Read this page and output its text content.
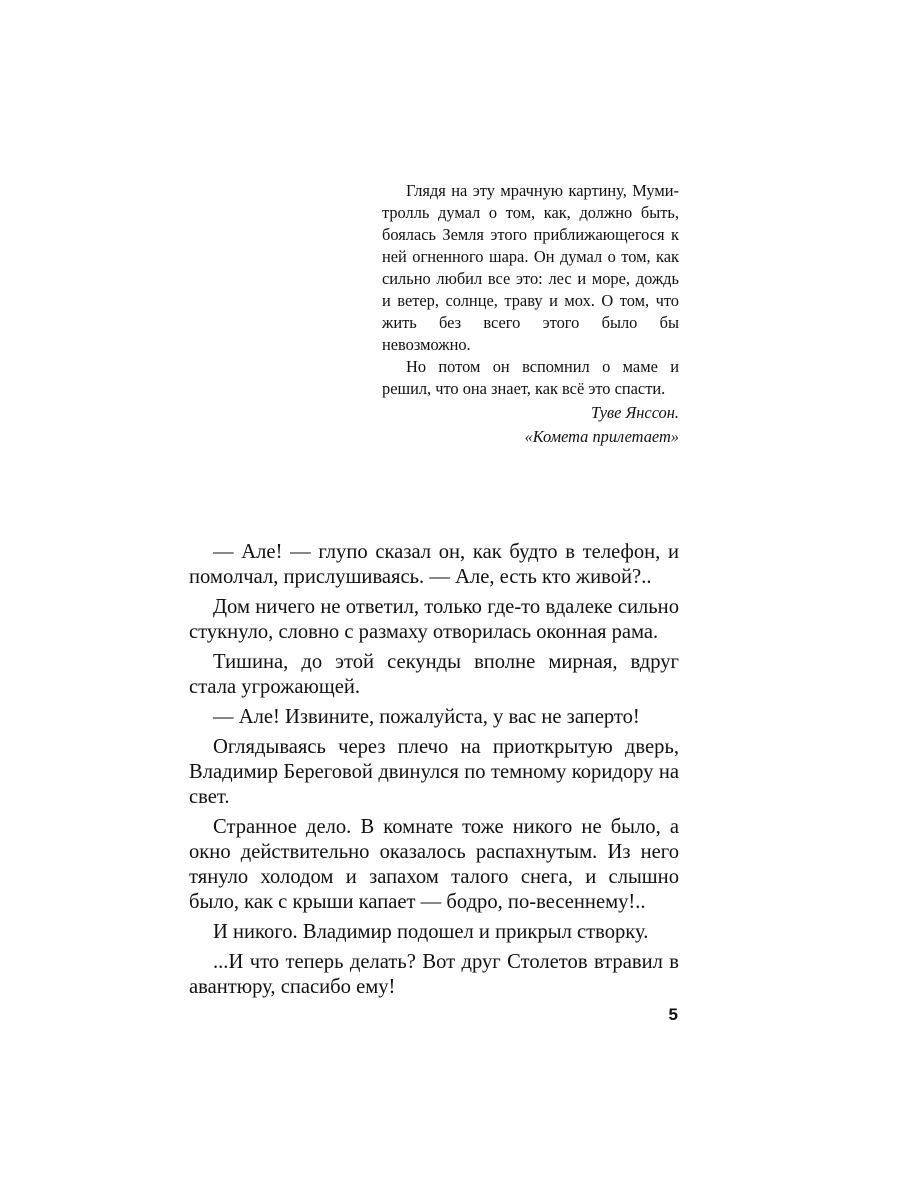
Глядя на эту мрачную картину, Муми-тролль думал о том, как, должно быть, боялась Земля этого приближающегося к ней огненного шара. Он думал о том, как сильно любил все это: лес и море, дождь и ветер, солнце, траву и мох. О том, что жить без всего этого было бы невозможно.

Но потом он вспомнил о маме и решил, что она знает, как всё это спасти.

Туве Янссон.
«Комета прилетает»

— Але! — глупо сказал он, как будто в телефон, и помолчал, прислушиваясь. — Але, есть кто живой?..

Дом ничего не ответил, только где-то вдалеке сильно стукнуло, словно с размаху отворилась оконная рама.

Тишина, до этой секунды вполне мирная, вдруг стала угрожающей.

— Але! Извините, пожалуйста, у вас не заперто!

Оглядываясь через плечо на приоткрытую дверь, Владимир Береговой двинулся по темному коридору на свет.

Странное дело. В комнате тоже никого не было, а окно действительно оказалось распахнутым. Из него тянуло холодом и запахом талого снега, и слышно было, как с крыши капает — бодро, по-весеннему!..

И никого. Владимир подошел и прикрыл створку.

...И что теперь делать? Вот друг Столетов втравил в авантюру, спасибо ему!

5
